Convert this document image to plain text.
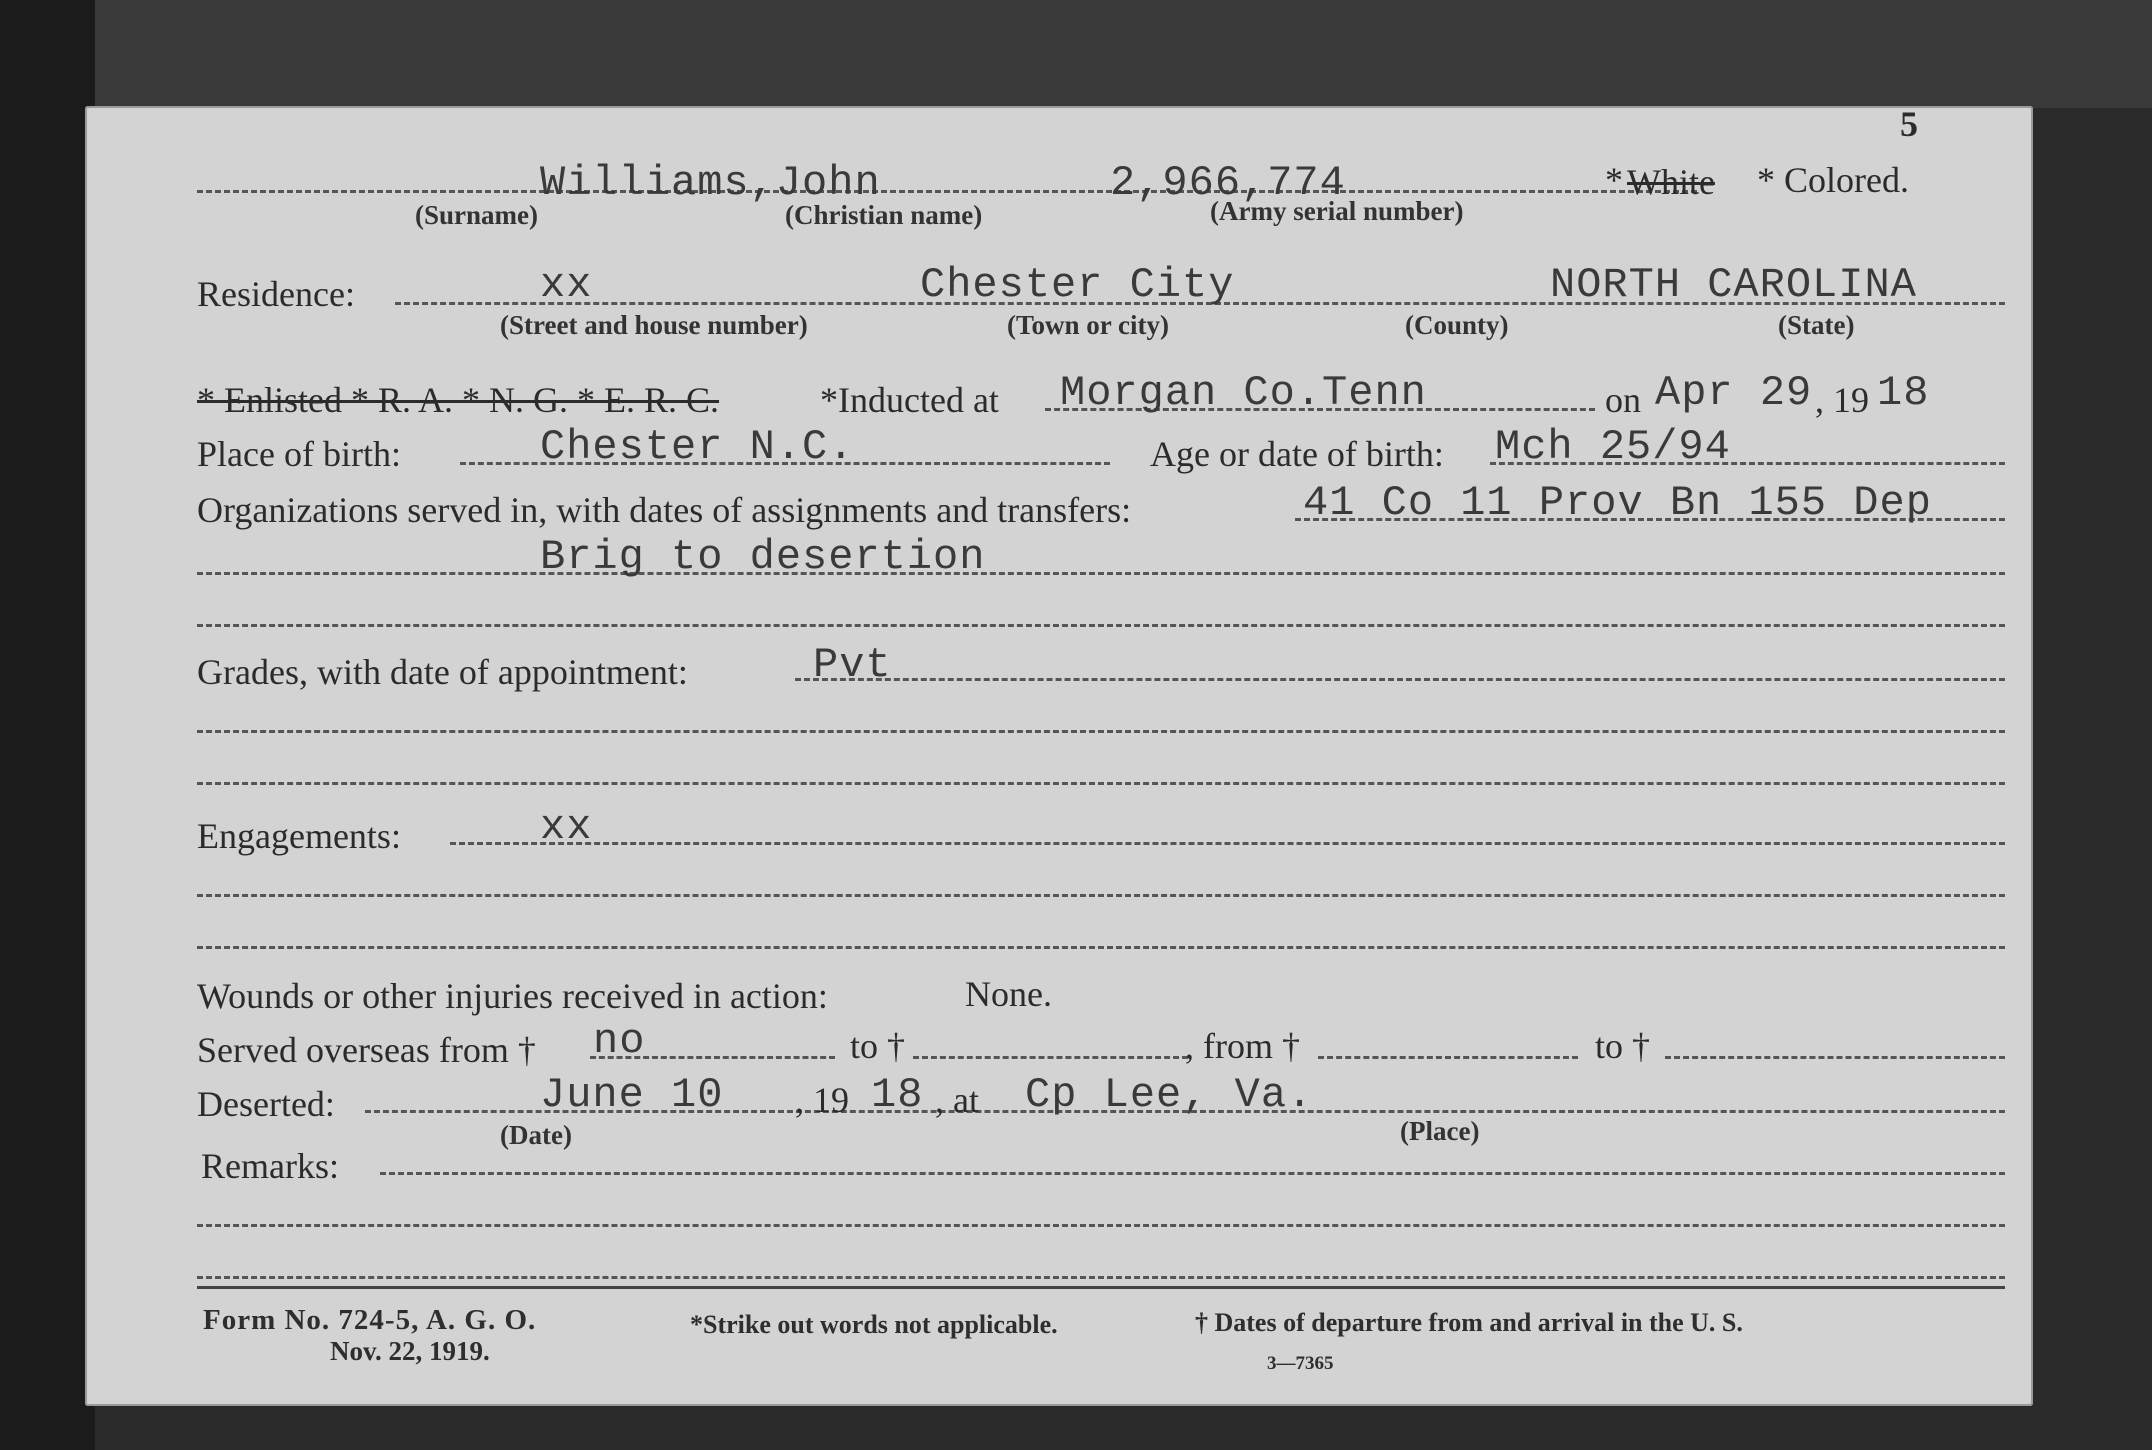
5
Williams,John	2,966,774
(Surname)	(Christian name)	(Army serial number)
* White * Colored.
Residence:	xx	Chester City	NORTH CAROLINA
(Street and house number)	(Town or city)	(County)	(State)
* Enlisted * R. A. * N. G. * E. R. C.	*Inducted at Morgan Co.Tenn	on Apr 29 , 19 18
Place of birth:	Chester N.C.	Age or date of birth: Mch 25/94
Organizations served in, with dates of assignments and transfers:	41 Co 11 Prov Bn 155 Dep
Brig to desertion
Grades, with date of appointment:	Pvt
Engagements:	xx
Wounds or other injuries received in action:	None.
Served overseas from † no	to †	, from †	to †
Deserted:	June 10 , 19 18 , at Cp Lee, Va.
(Date)	(Place)
Remarks:
Form No. 724-5, A. G. O.
Nov. 22, 1919.
*Strike out words not applicable.	† Dates of departure from and arrival in the U. S.
3—7365
